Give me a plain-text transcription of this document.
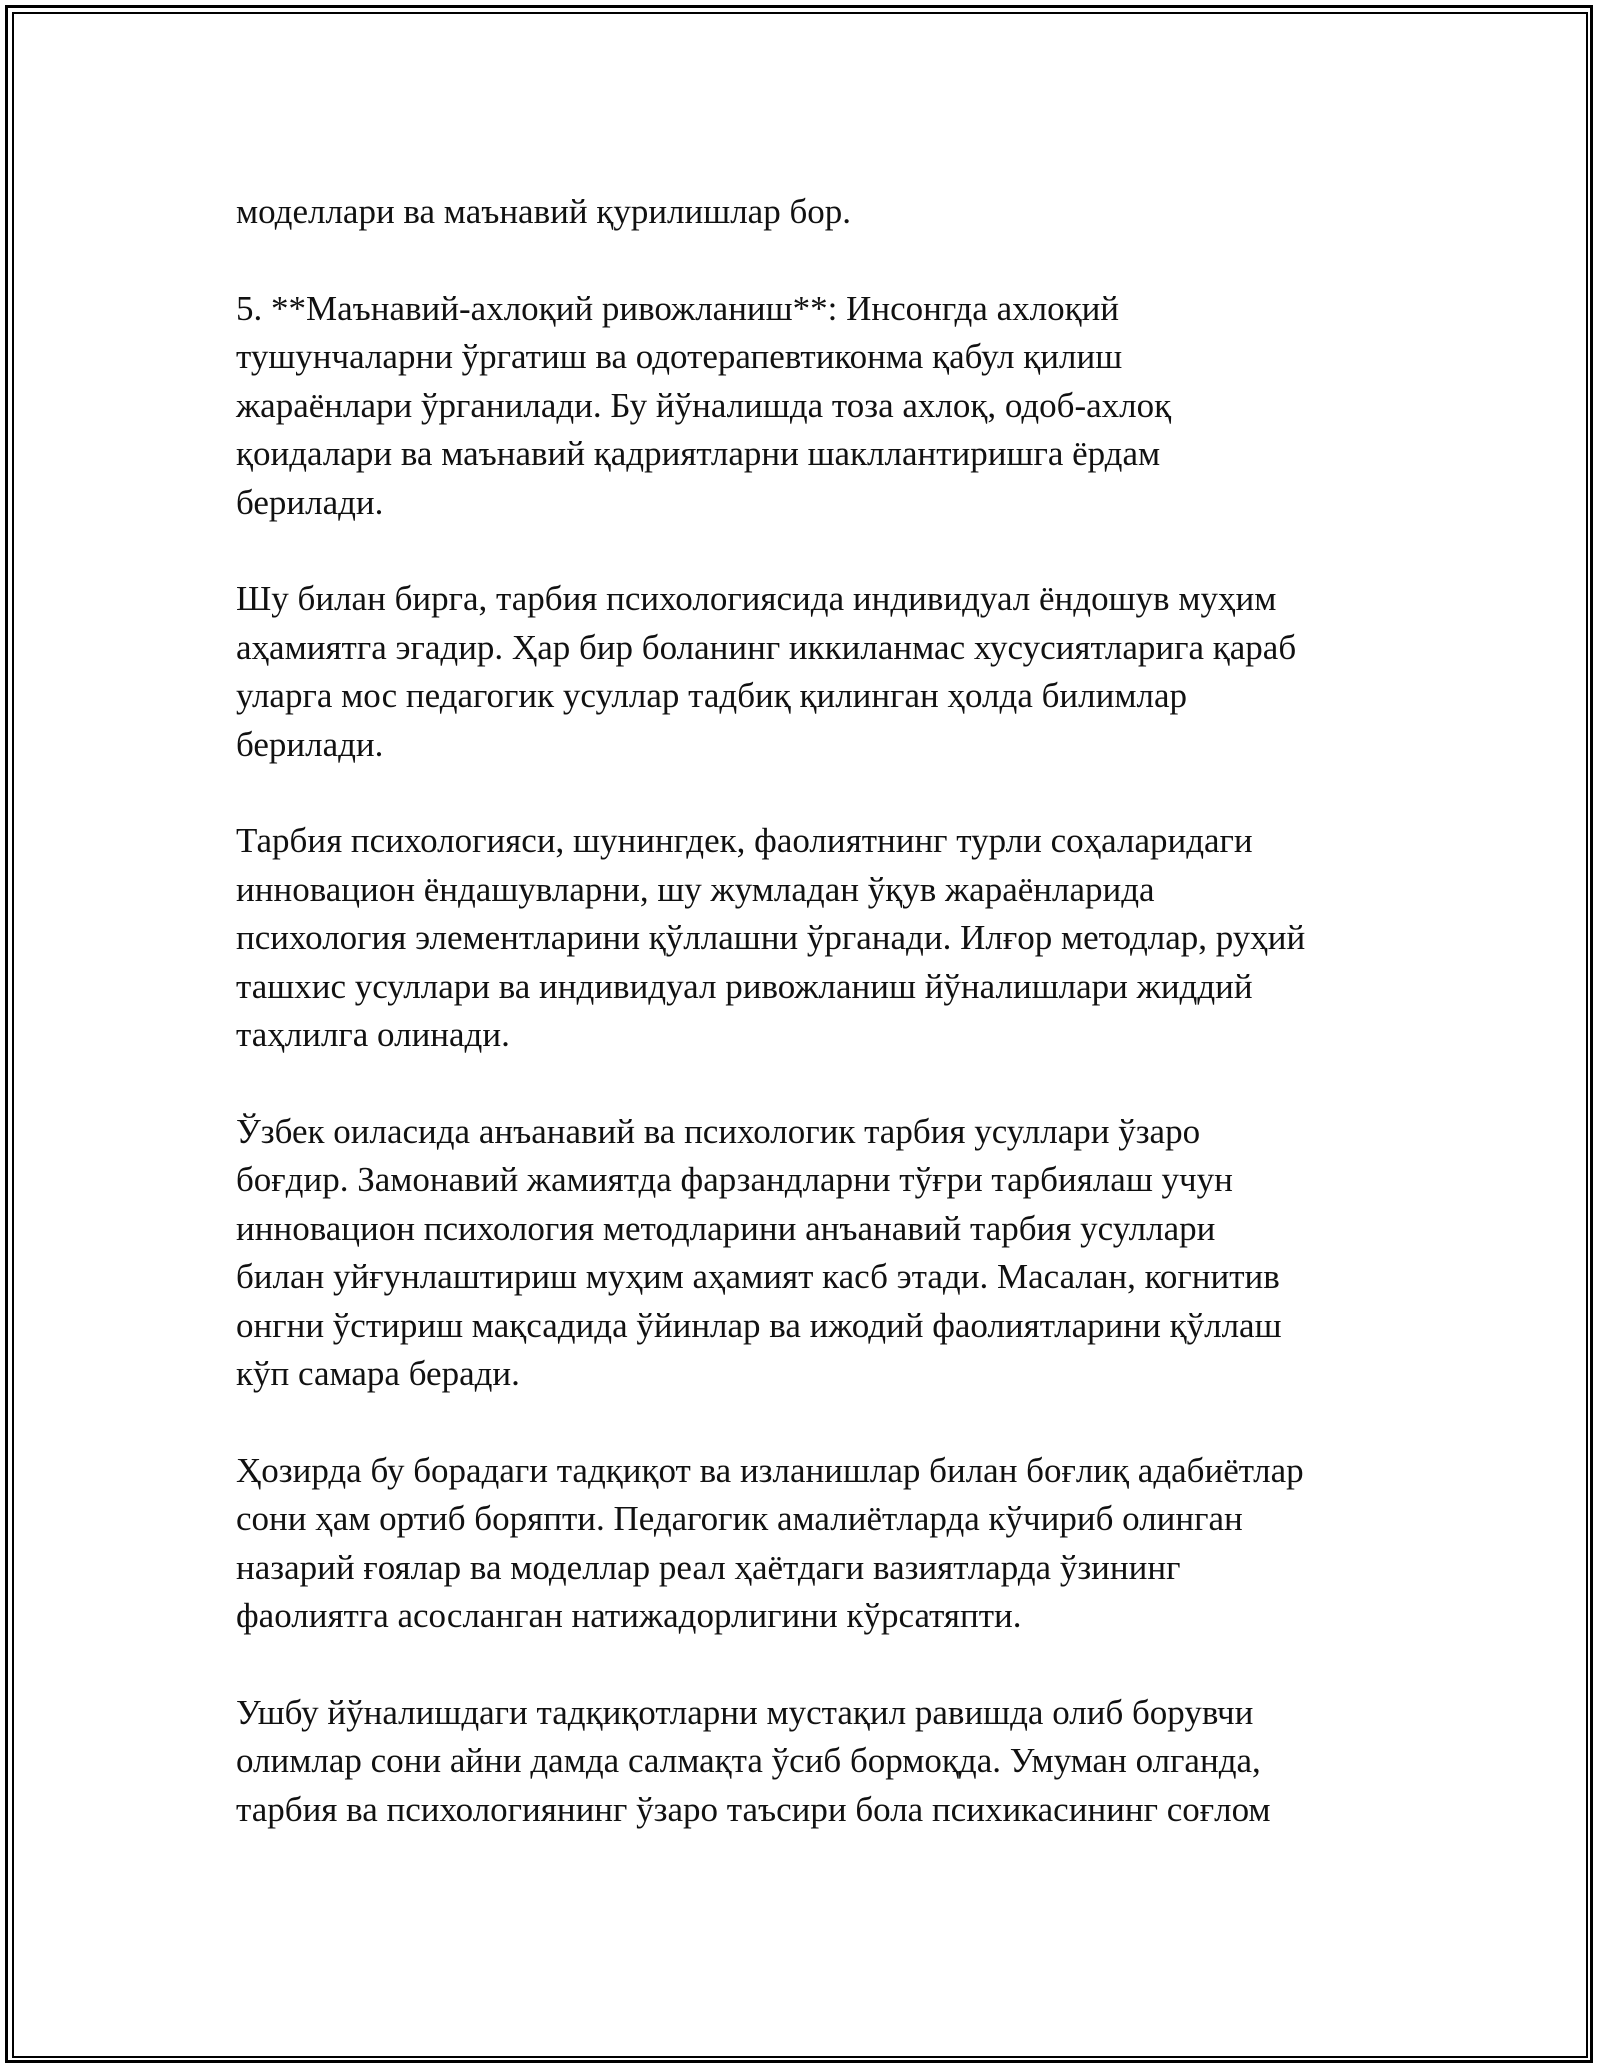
моделлари ва маънавий қурилишлар бор.

5. **Маънавий-ахлоқий ривожланиш**: Инсонгда ахлоқий
тушунчаларни ўргатиш ва одотерапевтиконма қабул қилиш
жараёнлари ўрганилади. Бу йўналишда тоза ахлоқ, одоб-ахлоқ
қоидалари ва маънавий қадриятларни шакллантиришга ёрдам
берилади.

Шу билан бирга, тарбия психологиясида индивидуал ёндошув муҳим
aҳамиятга эгадир. Ҳар бир боланинг иккиланмас хусусиятларига қараб
уларга мос педагогик усуллар тадбиқ қилинган ҳолда билимлар
берилади.

Тарбия психологияси, шунингдек, фаолиятнинг турли соҳаларидаги
инновацион ёндашувларни, шу жумладан ўқув жараёнларида
психология элементларини қўллашни ўрганади. Илғор методлар, руҳий
ташхис усуллари ва индивидуал ривожланиш йўналишлари жиддий
таҳлилга олинади.

Ўзбек оиласида анъанавий ва психологик тарбия усуллари ўзаро
боғдир. Замонавий жамиятда фарзандларни тўғри тарбиялаш учун
инновацион психология методларини анъанавий тарбия усуллари
билан уйғунлаштириш муҳим аҳамият касб этади. Масалан, когнитив
онгни ўстириш мақсадида ўйинлар ва ижодий фаолиятларини қўллаш
кўп самара беради.

Ҳозирда бу борадаги тадқиқот ва изланишлар билан боғлиқ адабиётлар
сони ҳам ортиб боряпти. Педагогик амалиётларда кўчириб олинган
назарий ғоялар ва моделлар реал ҳаётдаги вазиятларда ўзининг
фаолиятга асосланган натижадорлигини кўрсатяпти.

Ушбу йўналишдаги тадқиқотларни мустақил равишда олиб борувчи
олимлар сони айни дамда салмақта ўсиб бормоқда. Умуман олганда,
тарбия ва психологиянинг ўзаро таъсири бола психикасининг соғлом
